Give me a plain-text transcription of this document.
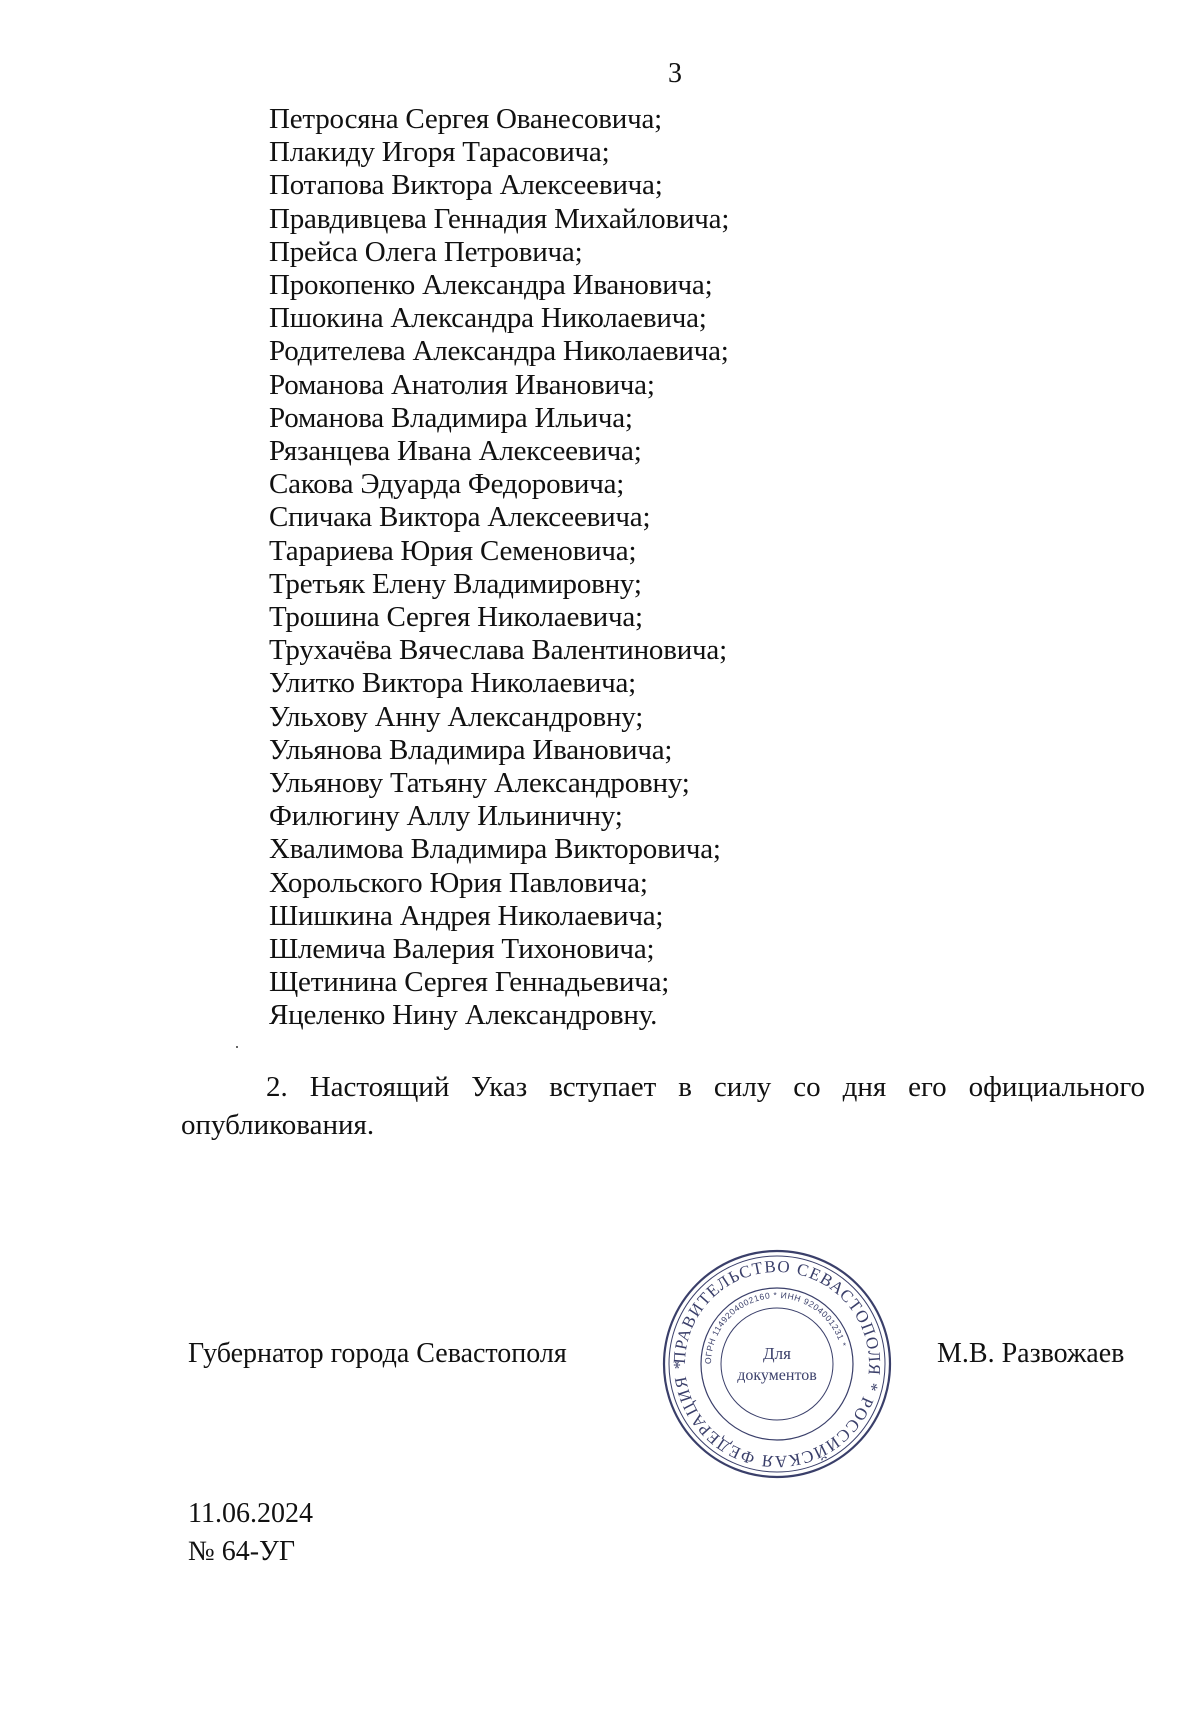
3

Петросяна Сергея Ованесовича;
Плакиду Игоря Тарасовича;
Потапова Виктора Алексеевича;
Правдивцева Геннадия Михайловича;
Прейса Олега Петровича;
Прокопенко Александра Ивановича;
Пшокина Александра Николаевича;
Родителева Александра Николаевича;
Романова Анатолия Ивановича;
Романова Владимира Ильича;
Рязанцева Ивана Алексеевича;
Сакова Эдуарда Федоровича;
Спичака Виктора Алексеевича;
Тарариева Юрия Семеновича;
Третьяк Елену Владимировну;
Трошина Сергея Николаевича;
Трухачёва Вячеслава Валентиновича;
Улитко Виктора Николаевича;
Ульхову Анну Александровну;
Ульянова Владимира Ивановича;
Ульянову Татьяну Александровну;
Филюгину Аллу Ильиничну;
Хвалимова Владимира Викторовича;
Хорольского Юрия Павловича;
Шишкина Андрея Николаевича;
Шлемича Валерия Тихоновича;
Щетинина Сергея Геннадьевича;
Яцеленко Нину Александровну.

2. Настоящий Указ вступает в силу со дня его официального
опубликования.

Губернатор города Севастополя	ПРАВИТЕЛЬСТВО СЕВАСТОПОЛЯ * РОССИЙСКАЯ ФЕДЕРАЦИЯ *	ОГРН 1149204002160 * ИНН 9204001231 *
Для
документов

М.В. Развожаев

11.06.2024

№ 64-УГ
